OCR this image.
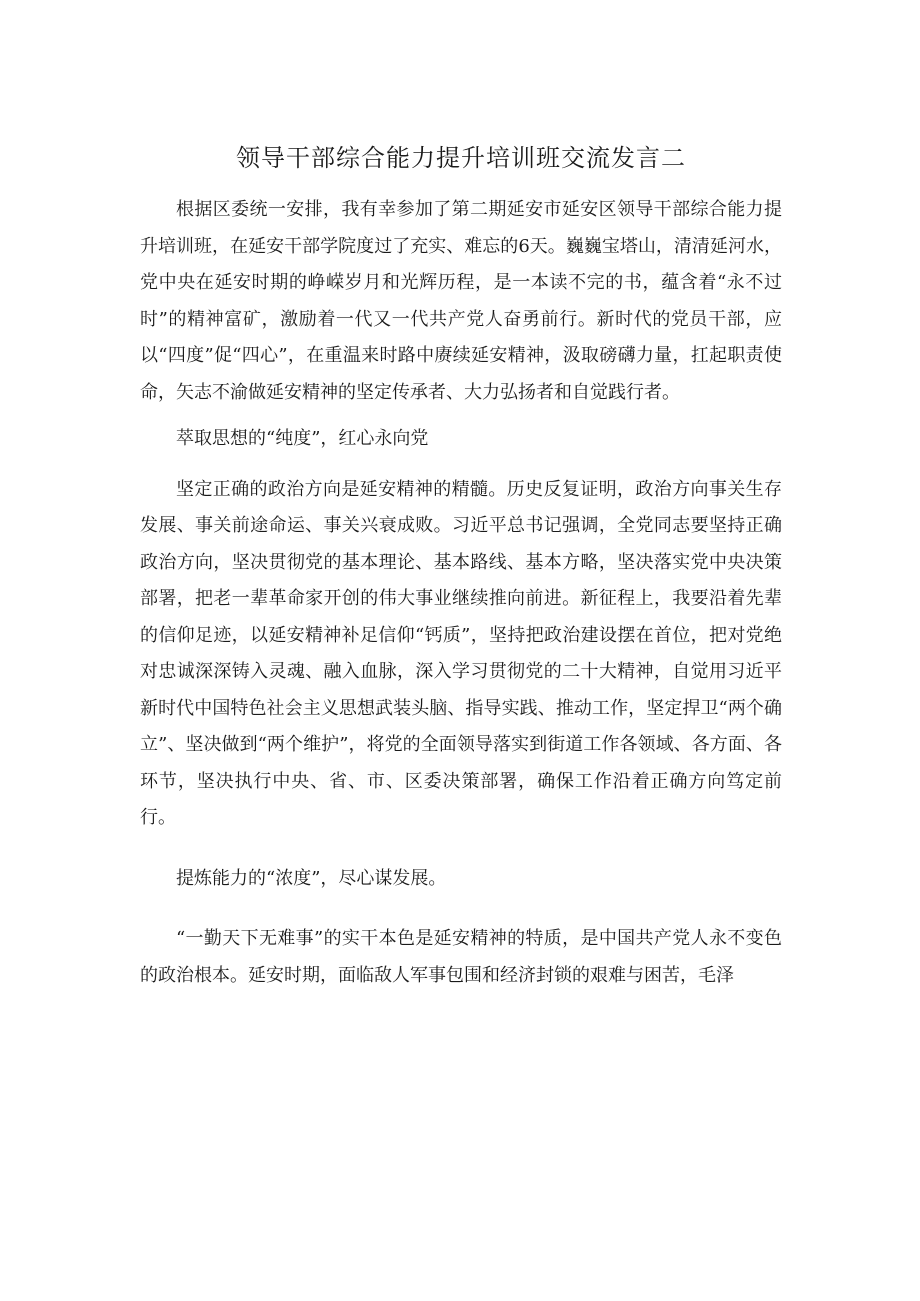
领导干部综合能力提升培训班交流发言二

根据区委统一安排，我有幸参加了第二期延安市延安区领导干部综合能力提升培训班，在延安干部学院度过了充实、难忘的6天。巍巍宝塔山，清清延河水，党中央在延安时期的峥嵘岁月和光辉历程，是一本读不完的书，蕴含着“永不过时”的精神富矿，激励着一代又一代共产党人奋勇前行。新时代的党员干部，应以“四度”促“四心”，在重温来时路中赓续延安精神，汲取磅礴力量，扛起职责使命，矢志不渝做延安精神的坚定传承者、大力弘扬者和自觉践行者。

萃取思想的“纯度”，红心永向党

坚定正确的政治方向是延安精神的精髓。历史反复证明，政治方向事关生存发展、事关前途命运、事关兴衰成败。习近平总书记强调，全党同志要坚持正确政治方向，坚决贯彻党的基本理论、基本路线、基本方略，坚决落实党中央决策部署，把老一辈革命家开创的伟大事业继续推向前进。新征程上，我要沿着先辈的信仰足迹，以延安精神补足信仰“钙质”，坚持把政治建设摆在首位，把对党绝对忠诚深深铸入灵魂、融入血脉，深入学习贯彻党的二十大精神，自觉用习近平新时代中国特色社会主义思想武装头脑、指导实践、推动工作，坚定捍卫“两个确立”、坚决做到“两个维护”，将党的全面领导落实到街道工作各领域、各方面、各环节，坚决执行中央、省、市、区委决策部署，确保工作沿着正确方向笃定前行。

提炼能力的“浓度”，尽心谋发展。

“一勤天下无难事”的实干本色是延安精神的特质，是中国共产党人永不变色的政治根本。延安时期，面临敌人军事包围和经济封锁的艰难与困苦，毛泽
